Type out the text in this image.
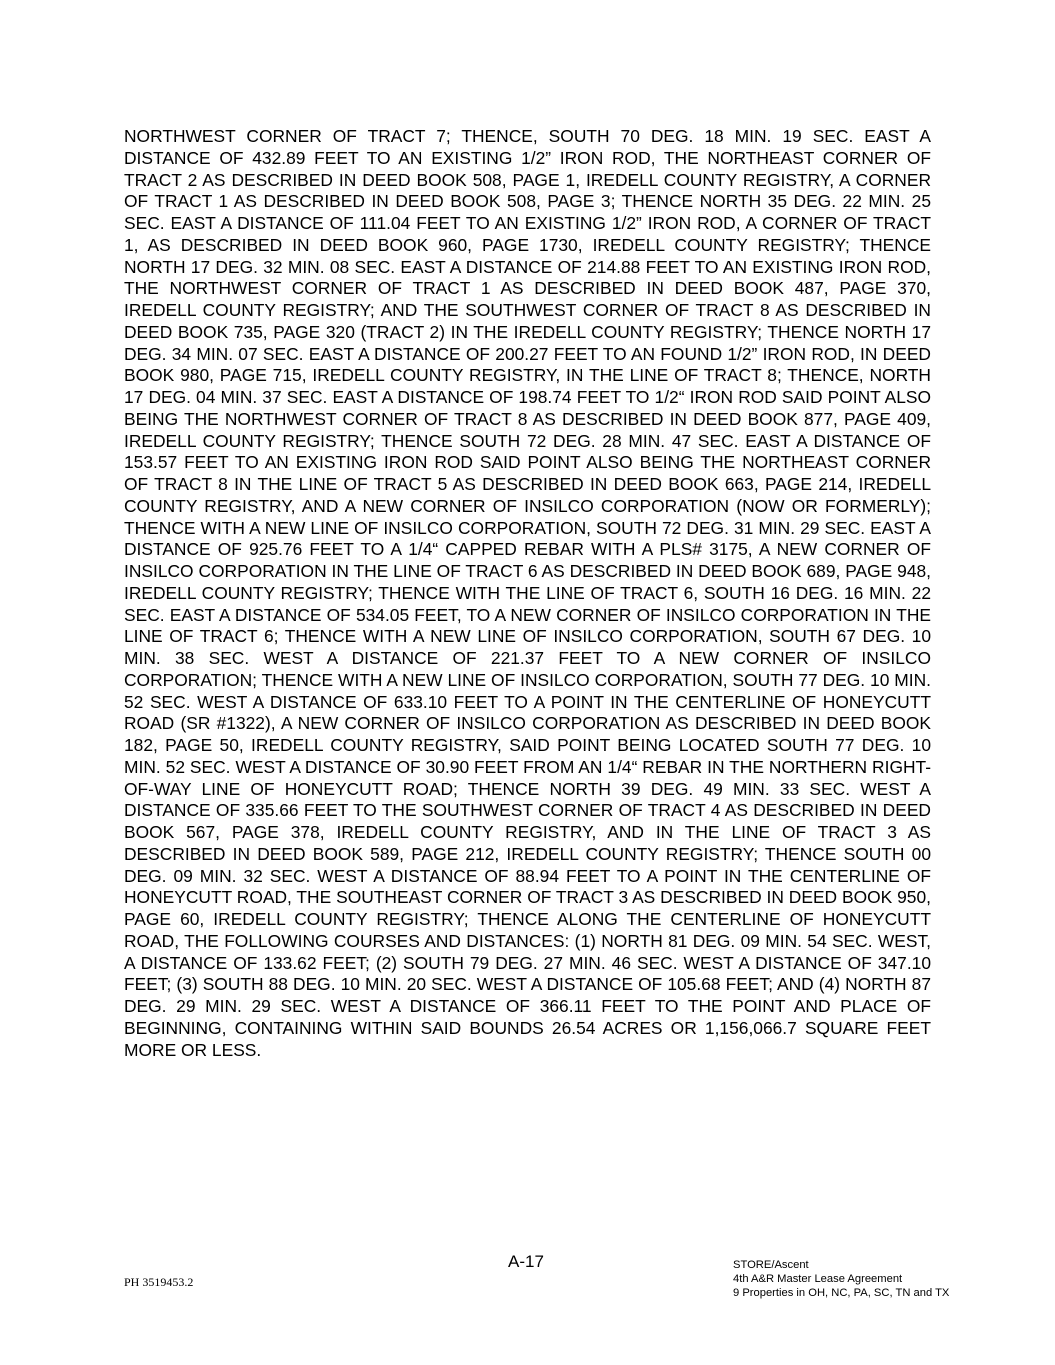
NORTHWEST CORNER OF TRACT 7; THENCE, SOUTH 70 DEG. 18 MIN. 19 SEC. EAST A DISTANCE OF 432.89 FEET TO AN EXISTING 1/2” IRON ROD, THE NORTHEAST CORNER OF TRACT 2 AS DESCRIBED IN DEED BOOK 508, PAGE 1, IREDELL COUNTY REGISTRY, A CORNER OF TRACT 1 AS DESCRIBED IN DEED BOOK 508, PAGE 3; THENCE NORTH 35 DEG. 22 MIN. 25 SEC. EAST A DISTANCE OF 111.04 FEET TO AN EXISTING 1/2” IRON ROD, A CORNER OF TRACT 1, AS DESCRIBED IN DEED BOOK 960, PAGE 1730, IREDELL COUNTY REGISTRY; THENCE NORTH 17 DEG. 32 MIN. 08 SEC. EAST A DISTANCE OF 214.88 FEET TO AN EXISTING IRON ROD, THE NORTHWEST CORNER OF TRACT 1 AS DESCRIBED IN DEED BOOK 487, PAGE 370, IREDELL COUNTY REGISTRY; AND THE SOUTHWEST CORNER OF TRACT 8 AS DESCRIBED IN DEED BOOK 735, PAGE 320 (TRACT 2) IN THE IREDELL COUNTY REGISTRY; THENCE NORTH 17 DEG. 34 MIN. 07 SEC. EAST A DISTANCE OF 200.27 FEET TO AN FOUND 1/2” IRON ROD, IN DEED BOOK 980, PAGE 715, IREDELL COUNTY REGISTRY, IN THE LINE OF TRACT 8; THENCE, NORTH 17 DEG. 04 MIN. 37 SEC. EAST A DISTANCE OF 198.74 FEET TO 1/2“ IRON ROD SAID POINT ALSO BEING THE NORTHWEST CORNER OF TRACT 8 AS DESCRIBED IN DEED BOOK 877, PAGE 409, IREDELL COUNTY REGISTRY; THENCE SOUTH 72 DEG. 28 MIN. 47 SEC. EAST A DISTANCE OF 153.57 FEET TO AN EXISTING IRON ROD SAID POINT ALSO BEING THE NORTHEAST CORNER OF TRACT 8 IN THE LINE OF TRACT 5 AS DESCRIBED IN DEED BOOK 663, PAGE 214, IREDELL COUNTY REGISTRY, AND A NEW CORNER OF INSILCO CORPORATION (NOW OR FORMERLY); THENCE WITH A NEW LINE OF INSILCO CORPORATION, SOUTH 72 DEG. 31 MIN. 29 SEC. EAST A DISTANCE OF 925.76 FEET TO A 1/4“ CAPPED REBAR WITH A PLS# 3175, A NEW CORNER OF INSILCO CORPORATION IN THE LINE OF TRACT 6 AS DESCRIBED IN DEED BOOK 689, PAGE 948, IREDELL COUNTY REGISTRY; THENCE WITH THE LINE OF TRACT 6, SOUTH 16 DEG. 16 MIN. 22 SEC. EAST A DISTANCE OF 534.05 FEET, TO A NEW CORNER OF INSILCO CORPORATION IN THE LINE OF TRACT 6; THENCE WITH A NEW LINE OF INSILCO CORPORATION, SOUTH 67 DEG. 10 MIN. 38 SEC. WEST A DISTANCE OF 221.37 FEET TO A NEW CORNER OF INSILCO CORPORATION; THENCE WITH A NEW LINE OF INSILCO CORPORATION, SOUTH 77 DEG. 10 MIN. 52 SEC. WEST A DISTANCE OF 633.10 FEET TO A POINT IN THE CENTERLINE OF HONEYCUTT ROAD (SR #1322), A NEW CORNER OF INSILCO CORPORATION AS DESCRIBED IN DEED BOOK 182, PAGE 50, IREDELL COUNTY REGISTRY, SAID POINT BEING LOCATED SOUTH 77 DEG. 10 MIN. 52 SEC. WEST A DISTANCE OF 30.90 FEET FROM AN 1/4“ REBAR IN THE NORTHERN RIGHT-OF-WAY LINE OF HONEYCUTT ROAD; THENCE NORTH 39 DEG. 49 MIN. 33 SEC. WEST A DISTANCE OF 335.66 FEET TO THE SOUTHWEST CORNER OF TRACT 4 AS DESCRIBED IN DEED BOOK 567, PAGE 378, IREDELL COUNTY REGISTRY, AND IN THE LINE OF TRACT 3 AS DESCRIBED IN DEED BOOK 589, PAGE 212, IREDELL COUNTY REGISTRY; THENCE SOUTH 00 DEG. 09 MIN. 32 SEC. WEST A DISTANCE OF 88.94 FEET TO A POINT IN THE CENTERLINE OF HONEYCUTT ROAD, THE SOUTHEAST CORNER OF TRACT 3 AS DESCRIBED IN DEED BOOK 950, PAGE 60, IREDELL COUNTY REGISTRY; THENCE ALONG THE CENTERLINE OF HONEYCUTT ROAD, THE FOLLOWING COURSES AND DISTANCES: (1) NORTH 81 DEG. 09 MIN. 54 SEC. WEST, A DISTANCE OF 133.62 FEET; (2) SOUTH 79 DEG. 27 MIN. 46 SEC. WEST A DISTANCE OF 347.10 FEET; (3) SOUTH 88 DEG. 10 MIN. 20 SEC. WEST A DISTANCE OF 105.68 FEET; AND (4) NORTH 87 DEG. 29 MIN. 29 SEC. WEST A DISTANCE OF 366.11 FEET TO THE POINT AND PLACE OF BEGINNING, CONTAINING WITHIN SAID BOUNDS 26.54 ACRES OR 1,156,066.7 SQUARE FEET MORE OR LESS.

A-17

PH 3519453.2

STORE/Ascent
4th A&R Master Lease Agreement
9 Properties in OH, NC, PA, SC, TN and TX
